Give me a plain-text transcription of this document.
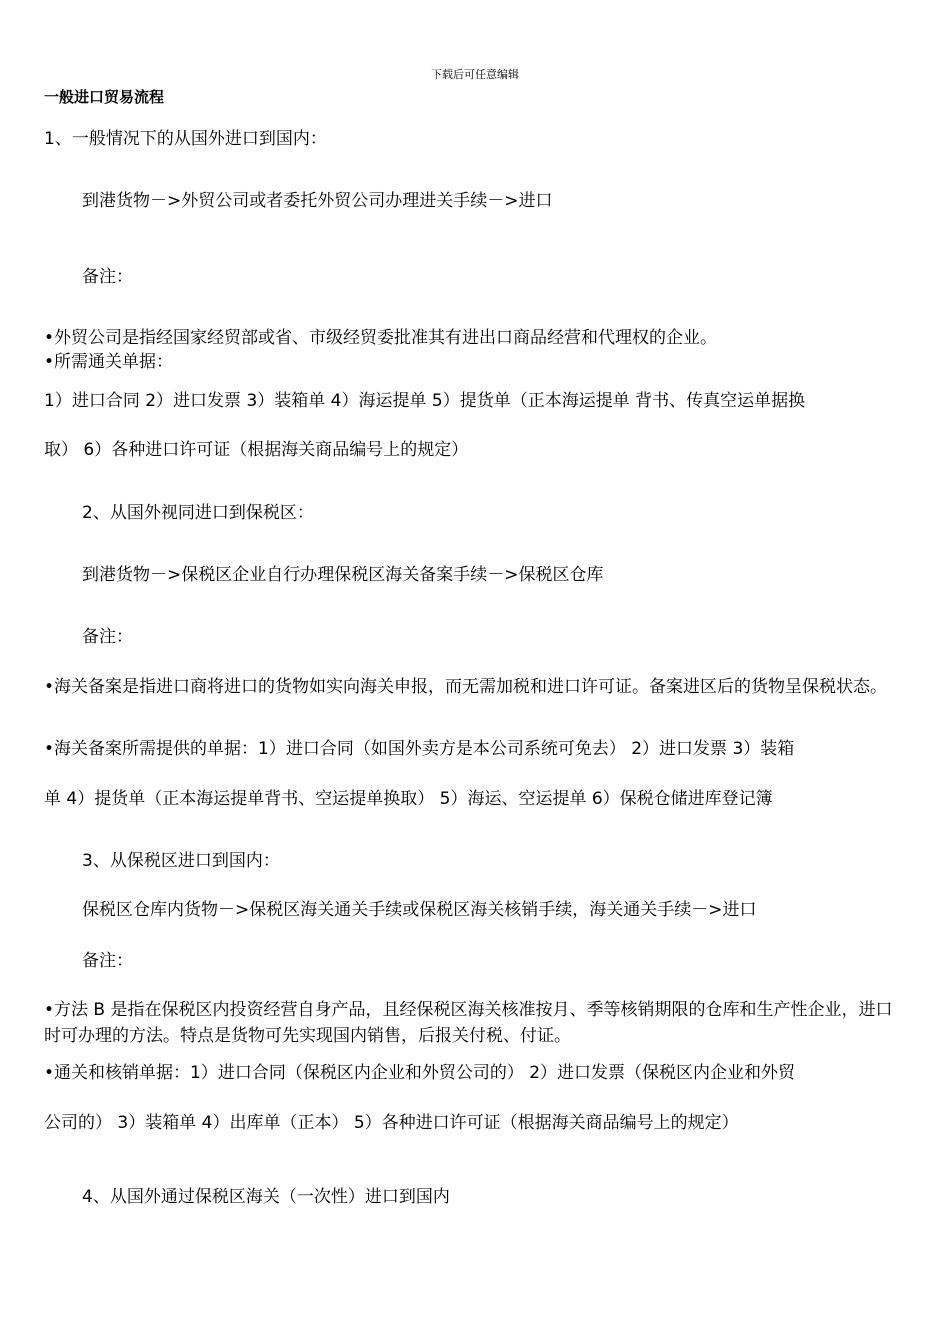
下载后可任意编辑
一般进口贸易流程
1、一般情况下的从国外进口到国内：
到港货物－>外贸公司或者委托外贸公司办理进关手续－>进口
备注：
•外贸公司是指经国家经贸部或省、市级经贸委批准其有进出口商品经营和代理权的企业。
•所需通关单据：
1）进口合同 2）进口发票 3）装箱单 4）海运提单 5）提货单（正本海运提单 背书、传真空运单据换
取） 6）各种进口许可证（根据海关商品编号上的规定）
2、从国外视同进口到保税区：
到港货物－>保税区企业自行办理保税区海关备案手续－>保税区仓库
备注：
•海关备案是指进口商将进口的货物如实向海关申报，而无需加税和进口许可证。备案进区后的货物呈保税状态。
•海关备案所需提供的单据：1）进口合同（如国外卖方是本公司系统可免去） 2）进口发票 3）装箱
单 4）提货单（正本海运提单背书、空运提单换取） 5）海运、空运提单 6）保税仓储进库登记簿
3、从保税区进口到国内：
保税区仓库内货物－>保税区海关通关手续或保税区海关核销手续，海关通关手续－>进口
备注：
•方法 B 是指在保税区内投资经营自身产品，且经保税区海关核准按月、季等核销期限的仓库和生产性企业，进口时可办理的方法。特点是货物可先实现国内销售，后报关付税、付证。
•通关和核销单据：1）进口合同（保税区内企业和外贸公司的） 2）进口发票（保税区内企业和外贸
公司的） 3）装箱单 4）出库单（正本） 5）各种进口许可证（根据海关商品编号上的规定）
4、从国外通过保税区海关（一次性）进口到国内
